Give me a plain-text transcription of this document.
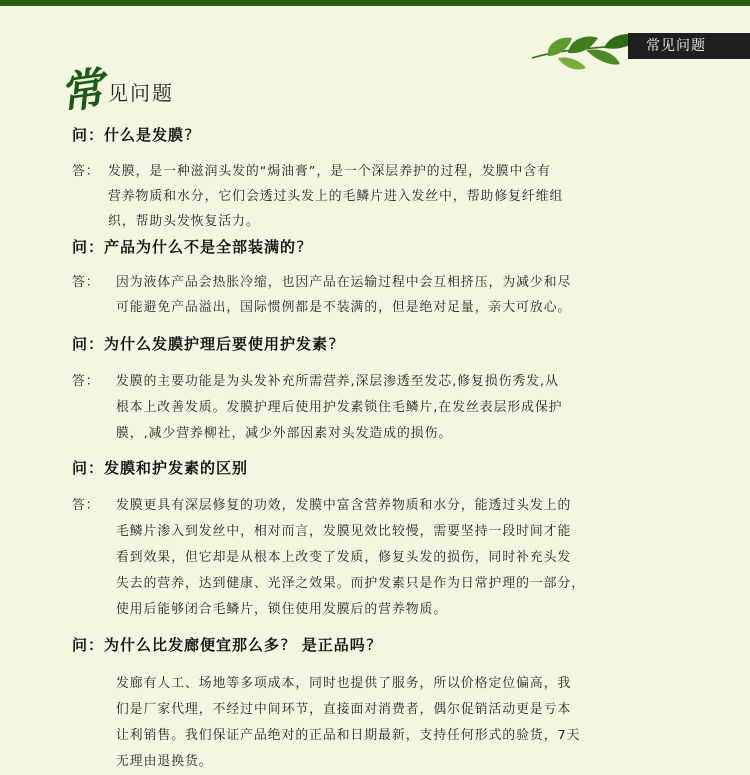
常见问题
常 见问题
问：什么是发膜?
答： 发膜，是一种滋润头发的“焗油膏”，是一个深层养护的过程，发膜中含有
营养物质和水分，它们会透过头发上的毛鳞片进入发丝中，帮助修复纤维组
织，帮助头发恢复活力。
问：产品为什么不是全部装满的?
答： 因为液体产品会热胀冷缩，也因产品在运输过程中会互相挤压，为减少和尽
可能避免产品溢出，国际惯例都是不装满的，但是绝对足量，亲大可放心。
问：为什么发膜护理后要使用护发素?
答： 发膜的主要功能是为头发补充所需营养,深层渗透至发芯,修复损伤秀发,从
根本上改善发质。发膜护理后使用护发素锁住毛鳞片,在发丝表层形成保护
膜，,减少营养柳社，减少外部因素对头发造成的损伤。
问：发膜和护发素的区别
答： 发膜更具有深层修复的功效，发膜中富含营养物质和水分，能透过头发上的
毛鳞片渗入到发丝中，相对而言，发膜见效比较慢，需要坚持一段时间才能
看到效果，但它却是从根本上改变了发质，修复头发的损伤，同时补充头发
失去的营养，达到健康、光泽之效果。而护发素只是作为日常护理的一部分，
使用后能够闭合毛鳞片，锁住使用发膜后的营养物质。
问：为什么比发廊便宜那么多? 是正品吗?
发廊有人工、场地等多项成本，同时也提供了服务，所以价格定位偏高，我
们是厂家代理，不经过中间环节，直接面对消费者，偶尔促销活动更是亏本
让利销售。我们保证产品绝对的正品和日期最新，支持任何形式的验货，7天
无理由退换货。
